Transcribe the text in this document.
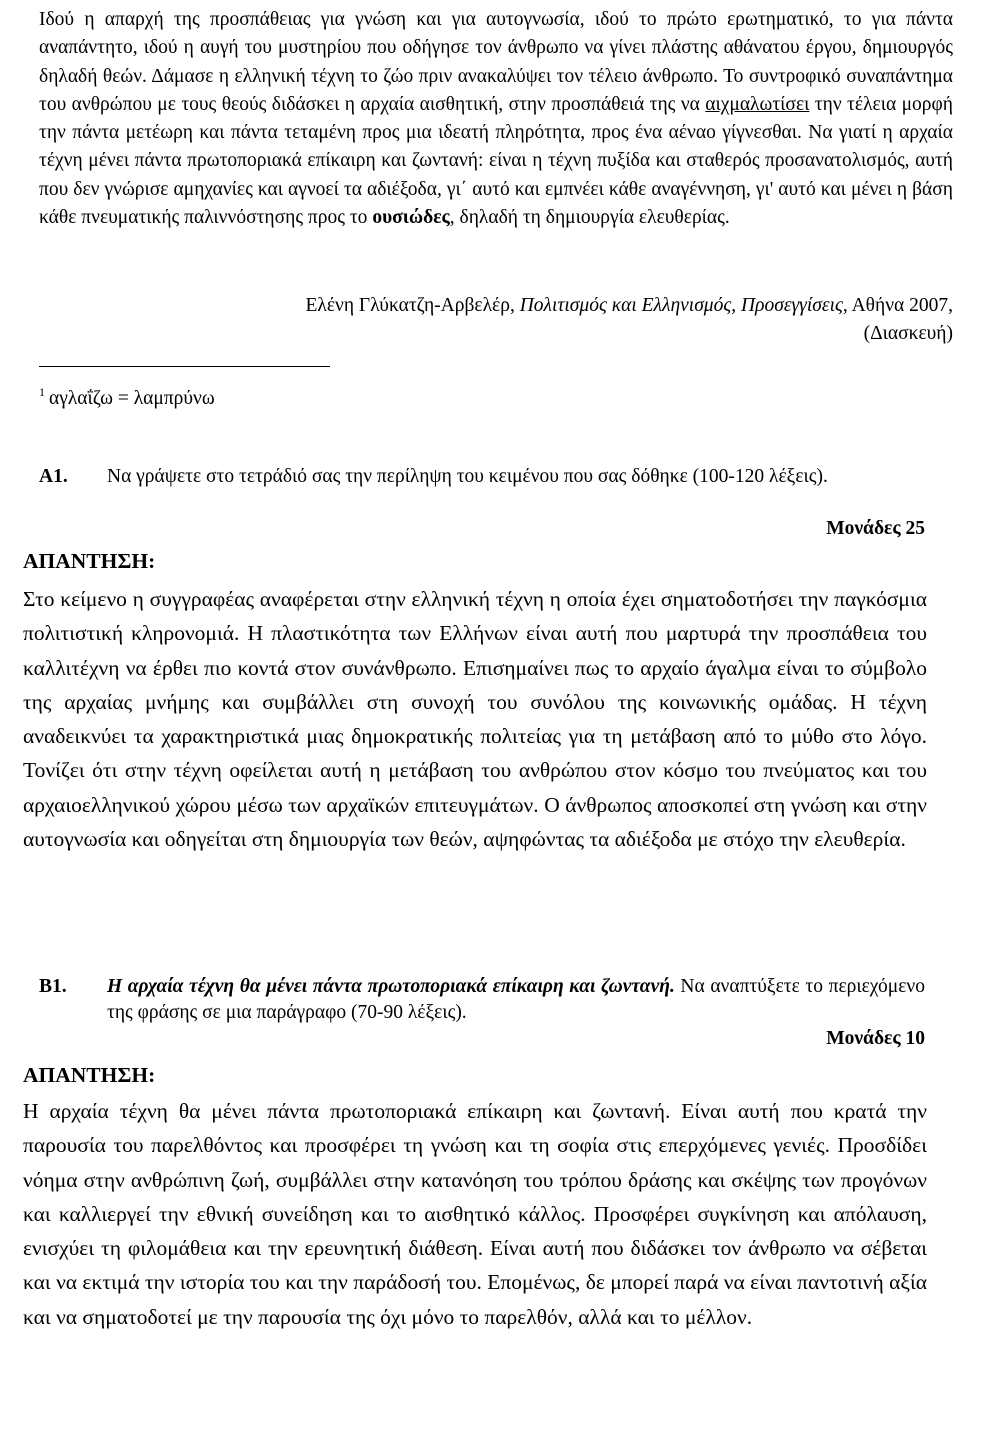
Ιδού η απαρχή της προσπάθειας για γνώση και για αυτογνωσία, ιδού το πρώτο ερωτηματικό, το για πάντα αναπάντητο, ιδού η αυγή του μυστηρίου που οδήγησε τον άνθρωπο να γίνει πλάστης αθάνατου έργου, δημιουργός δηλαδή θεών. Δάμασε η ελληνική τέχνη το ζώο πριν ανακαλύψει τον τέλειο άνθρωπο. Το συντροφικό συναπάντημα του ανθρώπου με τους θεούς διδάσκει η αρχαία αισθητική, στην προσπάθειά της να αιχμαλωτίσει την τέλεια μορφή την πάντα μετέωρη και πάντα τεταμένη προς μια ιδεατή πληρότητα, προς ένα αέναο γίγνεσθαι. Να γιατί η αρχαία τέχνη μένει πάντα πρωτοποριακά επίκαιρη και ζωντανή: είναι η τέχνη πυξίδα και σταθερός προσανατολισμός, αυτή που δεν γνώρισε αμηχανίες και αγνοεί τα αδιέξοδα, γι΄ αυτό και εμπνέει κάθε αναγέννηση, γι' αυτό και μένει η βάση κάθε πνευματικής παλιννόστησης προς το ουσιώδες, δηλαδή τη δημιουργία ελευθερίας.
Ελένη Γλύκατζη-Αρβελέρ, Πολιτισμός και Ελληνισμός, Προσεγγίσεις, Αθήνα 2007,
(Διασκευή)
$^1$ αγλαΐζω = λαμπρύνω
Α1. Να γράψετε στο τετράδιό σας την περίληψη του κειμένου που σας δόθηκε (100-120 λέξεις).
Μονάδες 25
ΑΠΑΝΤΗΣΗ:
Στο κείμενο η συγγραφέας αναφέρεται στην ελληνική τέχνη η οποία έχει σηματοδοτήσει την παγκόσμια πολιτιστική κληρονομιά. Η πλαστικότητα των Ελλήνων είναι αυτή που μαρτυρά την προσπάθεια του καλλιτέχνη να έρθει πιο κοντά στον συνάνθρωπο. Επισημαίνει πως το αρχαίο άγαλμα είναι το σύμβολο της αρχαίας μνήμης και συμβάλλει στη συνοχή του συνόλου της κοινωνικής ομάδας. Η τέχνη αναδεικνύει τα χαρακτηριστικά μιας δημοκρατικής πολιτείας για τη μετάβαση από το μύθο στο λόγο. Τονίζει ότι στην τέχνη οφείλεται αυτή η μετάβαση του ανθρώπου στον κόσμο του πνεύματος και του αρχαιοελληνικού χώρου μέσω των αρχαϊκών επιτευγμάτων. Ο άνθρωπος αποσκοπεί στη γνώση και στην αυτογνωσία και οδηγείται στη δημιουργία των θεών, αψηφώντας τα αδιέξοδα με στόχο την ελευθερία.
Β1. Η αρχαία τέχνη θα μένει πάντα πρωτοποριακά επίκαιρη και ζωντανή. Να αναπτύξετε το περιεχόμενο της φράσης σε μια παράγραφο (70-90 λέξεις).
Μονάδες 10
ΑΠΑΝΤΗΣΗ:
Η αρχαία τέχνη θα μένει πάντα πρωτοποριακά επίκαιρη και ζωντανή. Είναι αυτή που κρατά την παρουσία του παρελθόντος και προσφέρει τη γνώση και τη σοφία στις επερχόμενες γενιές. Προσδίδει νόημα στην ανθρώπινη ζωή, συμβάλλει στην κατανόηση του τρόπου δράσης και σκέψης των προγόνων και καλλιεργεί την εθνική συνείδηση και το αισθητικό κάλλος. Προσφέρει συγκίνηση και απόλαυση, ενισχύει τη φιλομάθεια και την ερευνητική διάθεση. Είναι αυτή που διδάσκει τον άνθρωπο να σέβεται και να εκτιμά την ιστορία του και την παράδοσή του. Επομένως, δε μπορεί παρά να είναι παντοτινή αξία και να σηματοδοτεί με την παρουσία της όχι μόνο το παρελθόν, αλλά και το μέλλον.
